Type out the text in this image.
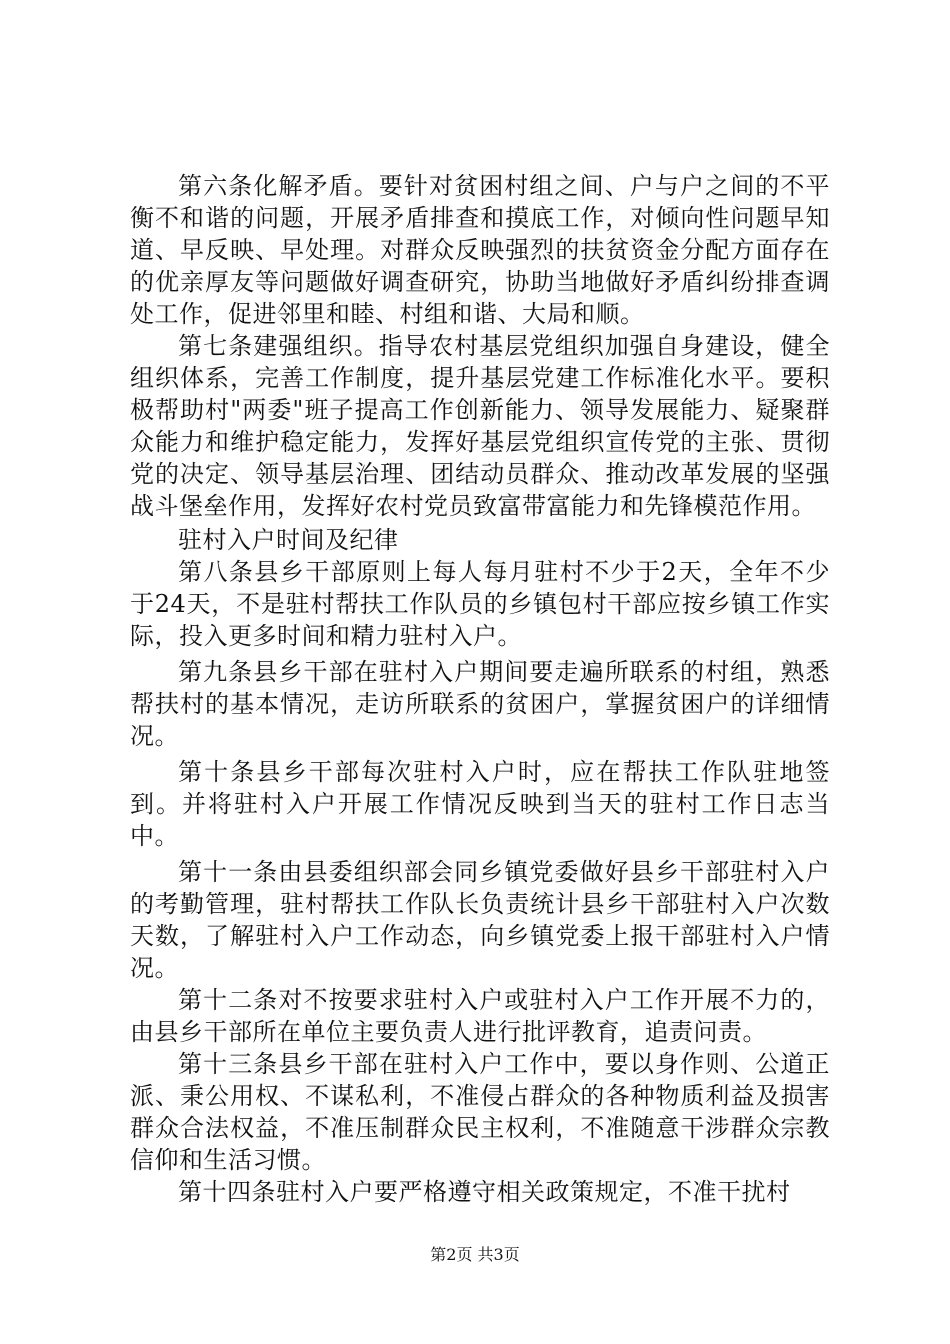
第六条化解矛盾。要针对贫困村组之间、户与户之间的不平衡不和谐的问题，开展矛盾排查和摸底工作，对倾向性问题早知道、早反映、早处理。对群众反映强烈的扶贫资金分配方面存在的优亲厚友等问题做好调查研究，协助当地做好矛盾纠纷排查调处工作，促进邻里和睦、村组和谐、大局和顺。

第七条建强组织。指导农村基层党组织加强自身建设，健全组织体系，完善工作制度，提升基层党建工作标准化水平。要积极帮助村"两委"班子提高工作创新能力、领导发展能力、疑聚群众能力和维护稳定能力，发挥好基层党组织宣传党的主张、贯彻党的决定、领导基层治理、团结动员群众、推动改革发展的坚强战斗堡垒作用，发挥好农村党员致富带富能力和先锋模范作用。

驻村入户时间及纪律

第八条县乡干部原则上每人每月驻村不少于2天，全年不少于24天，不是驻村帮扶工作队员的乡镇包村干部应按乡镇工作实际，投入更多时间和精力驻村入户。

第九条县乡干部在驻村入户期间要走遍所联系的村组，熟悉帮扶村的基本情况，走访所联系的贫困户，掌握贫困户的详细情况。

第十条县乡干部每次驻村入户时，应在帮扶工作队驻地签到。并将驻村入户开展工作情况反映到当天的驻村工作日志当中。

第十一条由县委组织部会同乡镇党委做好县乡干部驻村入户的考勤管理，驻村帮扶工作队长负责统计县乡干部驻村入户次数天数，了解驻村入户工作动态，向乡镇党委上报干部驻村入户情况。

第十二条对不按要求驻村入户或驻村入户工作开展不力的，由县乡干部所在单位主要负责人进行批评教育，追责问责。

第十三条县乡干部在驻村入户工作中，要以身作则、公道正派、秉公用权、不谋私利，不准侵占群众的各种物质利益及损害群众合法权益，不准压制群众民主权利，不准随意干涉群众宗教信仰和生活习惯。

第十四条驻村入户要严格遵守相关政策规定，不准干扰村

第2页 共3页
